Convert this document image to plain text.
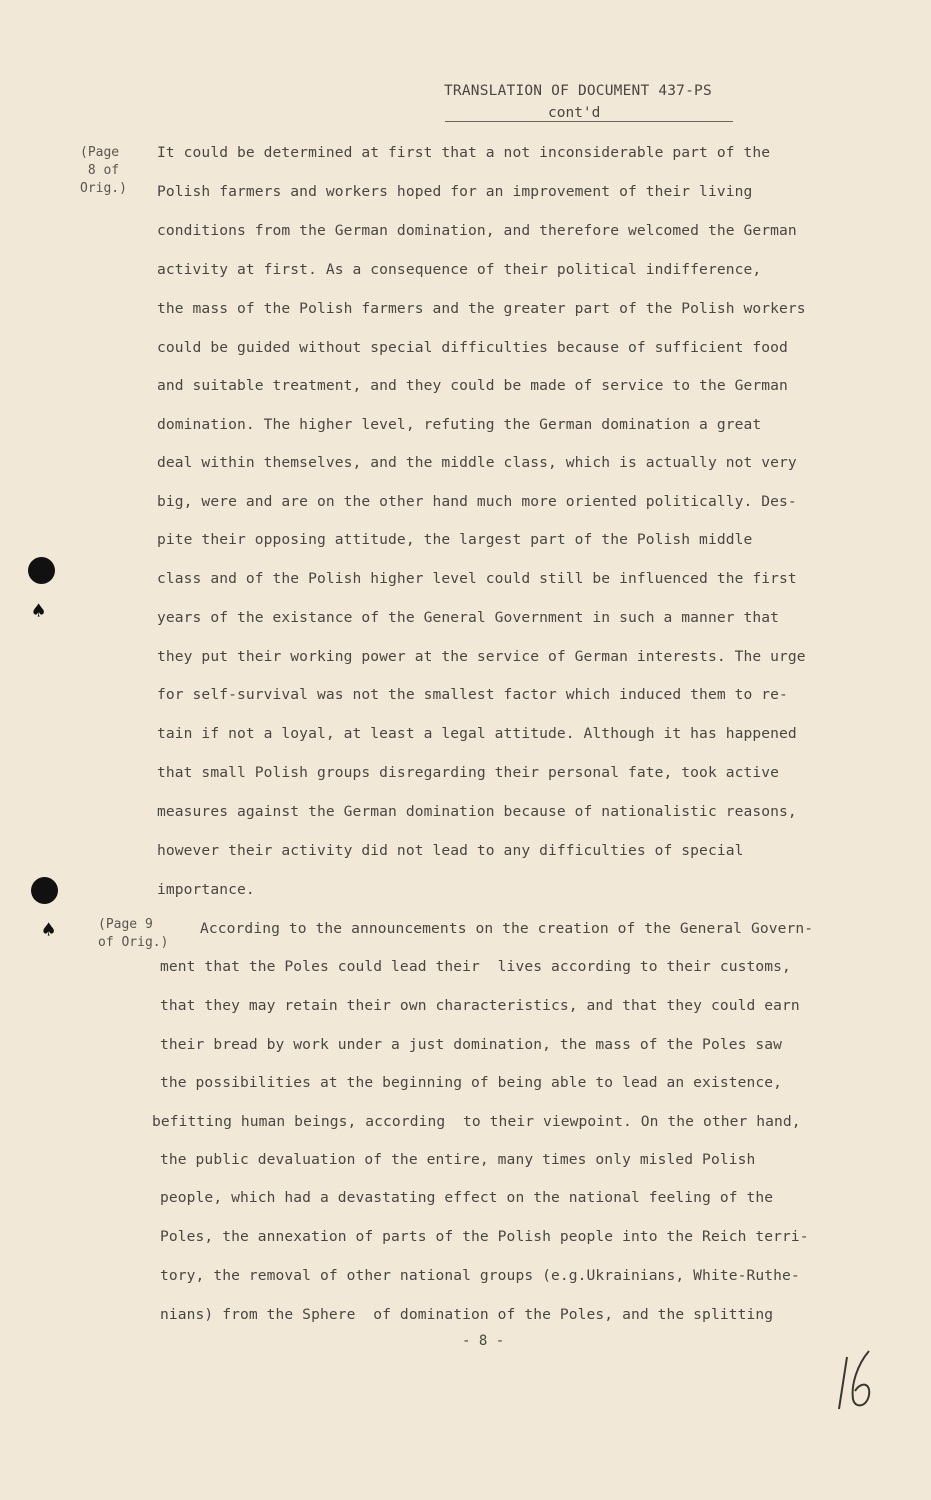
TRANSLATION OF DOCUMENT 437-PS
cont'd
(Page
8 of
Orig.)
(Page 9
of Orig.)
It could be determined at first that a not inconsiderable part of the
Polish farmers and workers hoped for an improvement of their living
conditions from the German domination, and therefore welcomed the German
activity at first. As a consequence of their political indifference,
the mass of the Polish farmers and the greater part of the Polish workers
could be guided without special difficulties because of sufficient food
and suitable treatment, and they could be made of service to the German
domination. The higher level, refuting the German domination a great
deal within themselves, and the middle class, which is actually not very
big, were and are on the other hand much more oriented politically. Des-
pite their opposing attitude, the largest part of the Polish middle
class and of the Polish higher level could still be influenced the first
years of the existance of the General Government in such a manner that
they put their working power at the service of German interests. The urge
for self-survival was not the smallest factor which induced them to re-
tain if not a loyal, at least a legal attitude. Although it has happened
that small Polish groups disregarding their personal fate, took active
measures against the German domination because of nationalistic reasons,
however their activity did not lead to any difficulties of special
importance.
According to the announcements on the creation of the General Govern-
ment that the Poles could lead their  lives according to their customs,
that they may retain their own characteristics, and that they could earn
their bread by work under a just domination, the mass of the Poles saw
the possibilities at the beginning of being able to lead an existence,
befitting human beings, according  to their viewpoint. On the other hand,
the public devaluation of the entire, many times only misled Polish
people, which had a devastating effect on the national feeling of the
Poles, the annexation of parts of the Polish people into the Reich terri-
tory, the removal of other national groups (e.g.Ukrainians, White-Ruthe-
nians) from the Sphere  of domination of the Poles, and the splitting
- 8 -
♠
♠
